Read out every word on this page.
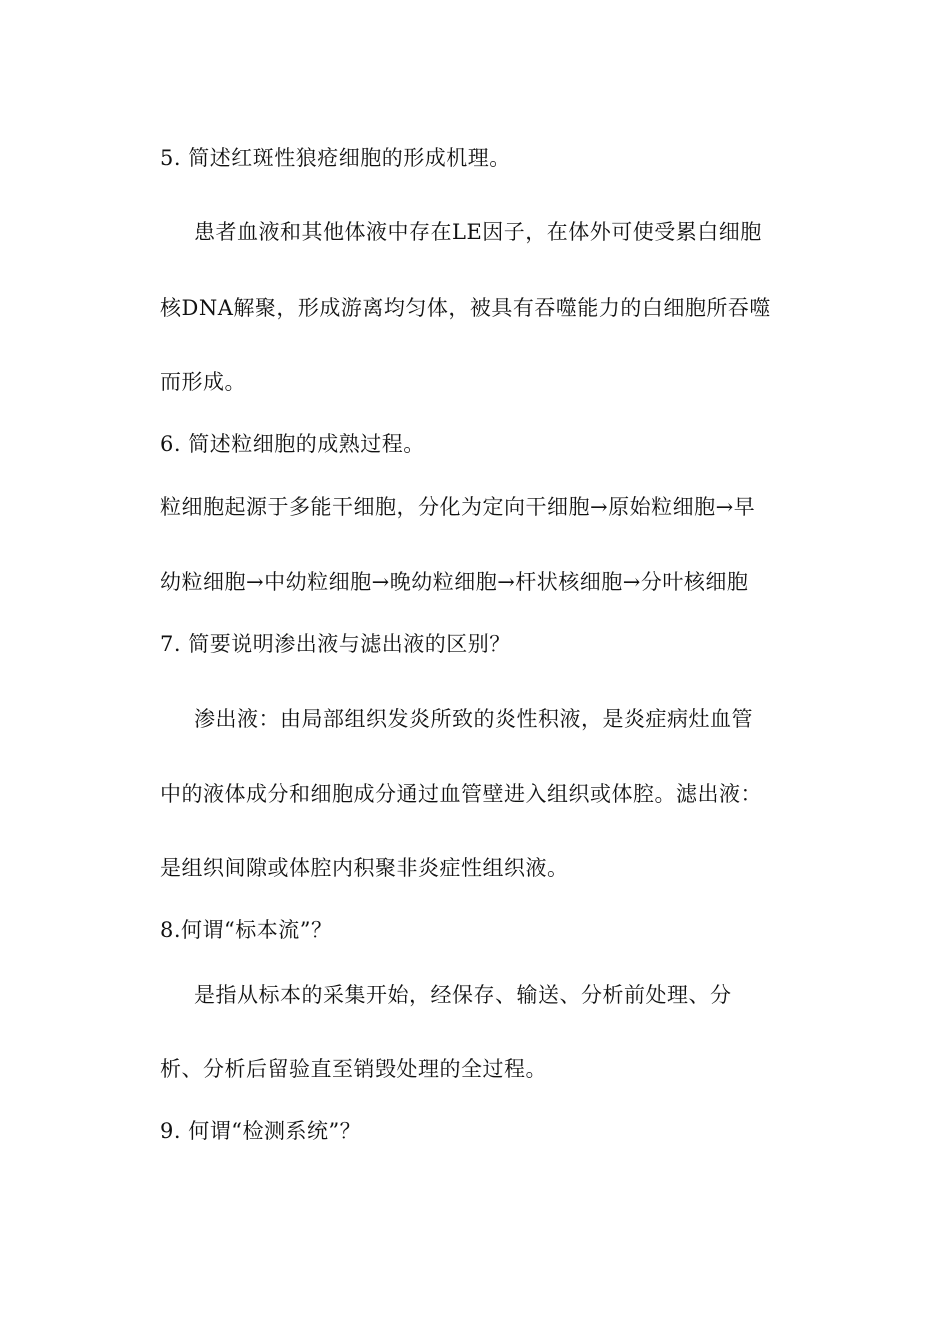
5. 简述红斑性狼疮细胞的形成机理。
患者血液和其他体液中存在LE因子，在体外可使受累白细胞
核DNA解聚，形成游离均匀体，被具有吞噬能力的白细胞所吞噬
而形成。
6. 简述粒细胞的成熟过程。
粒细胞起源于多能干细胞，分化为定向干细胞→原始粒细胞→早
幼粒细胞→中幼粒细胞→晚幼粒细胞→杆状核细胞→分叶核细胞
7. 简要说明渗出液与滤出液的区别？
渗出液：由局部组织发炎所致的炎性积液，是炎症病灶血管
中的液体成分和细胞成分通过血管壁进入组织或体腔。滤出液：
是组织间隙或体腔内积聚非炎症性组织液。
8.何谓“标本流”？
是指从标本的采集开始，经保存、输送、分析前处理、分
析、分析后留验直至销毁处理的全过程。
9. 何谓“检测系统”？
